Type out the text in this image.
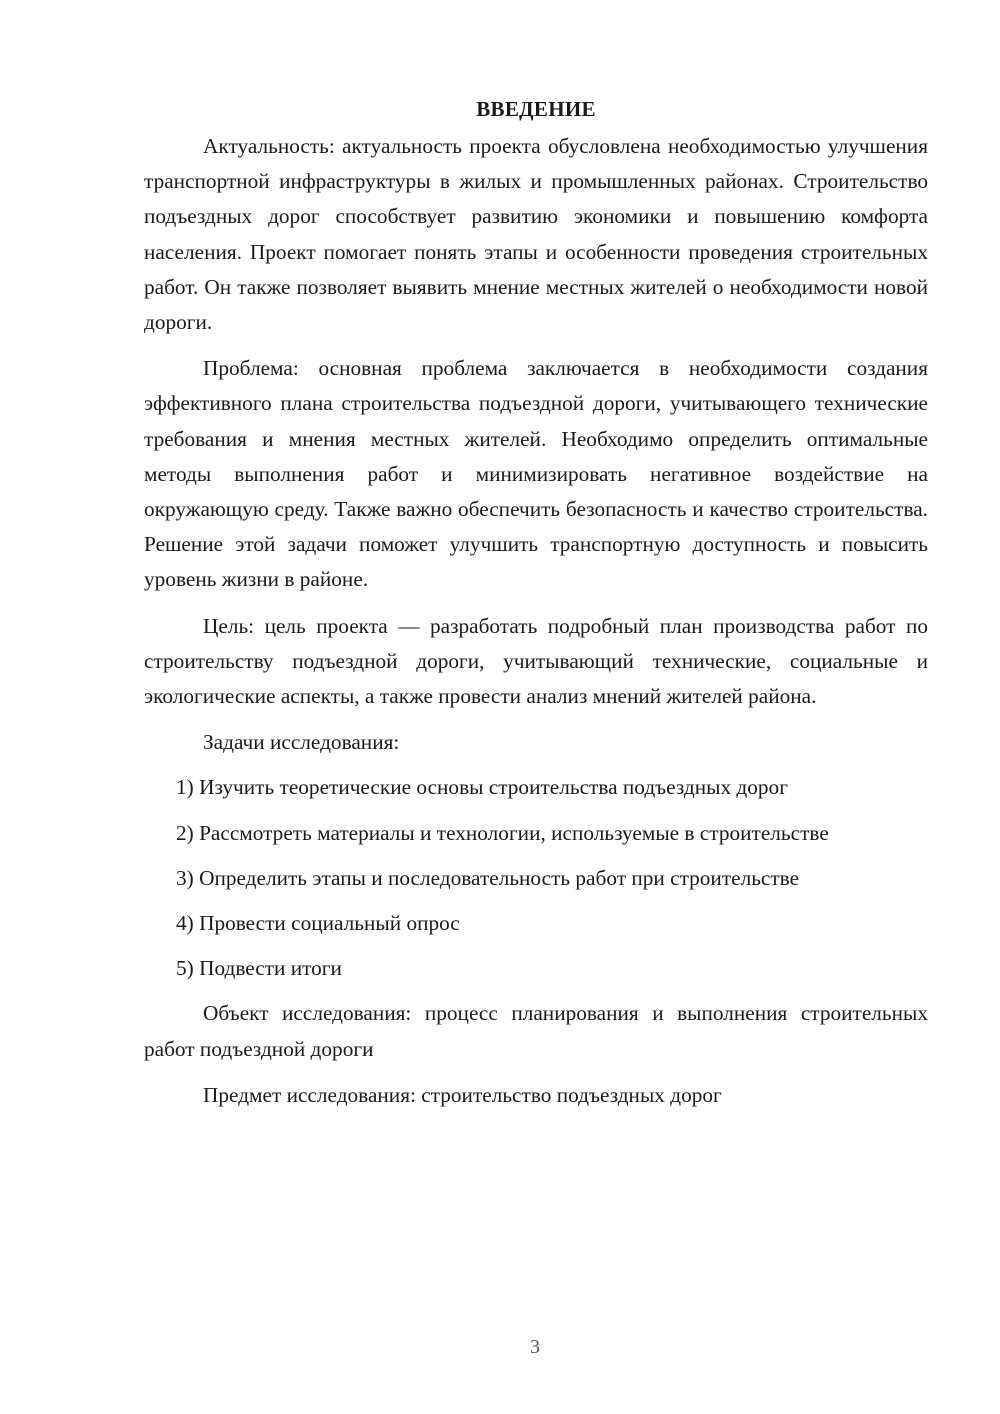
ВВЕДЕНИЕ

Актуальность: актуальность проекта обусловлена необходимостью улучшения транспортной инфраструктуры в жилых и промышленных районах. Строительство подъездных дорог способствует развитию экономики и повышению комфорта населения. Проект помогает понять этапы и особенности проведения строительных работ. Он также позволяет выявить мнение местных жителей о необходимости новой дороги.

Проблема: основная проблема заключается в необходимости создания эффективного плана строительства подъездной дороги, учитывающего технические требования и мнения местных жителей. Необходимо определить оптимальные методы выполнения работ и минимизировать негативное воздействие на окружающую среду. Также важно обеспечить безопасность и качество строительства. Решение этой задачи поможет улучшить транспортную доступность и повысить уровень жизни в районе.

Цель: цель проекта — разработать подробный план производства работ по строительству подъездной дороги, учитывающий технические, социальные и экологические аспекты, а также провести анализ мнений жителей района.

Задачи исследования:

1) Изучить теоретические основы строительства подъездных дорог

2) Рассмотреть материалы и технологии, используемые в строительстве

3) Определить этапы и последовательность работ при строительстве

4) Провести социальный опрос

5) Подвести итоги

Объект исследования: процесс планирования и выполнения строительных работ подъездной дороги

Предмет исследования: строительство подъездных дорог

3
